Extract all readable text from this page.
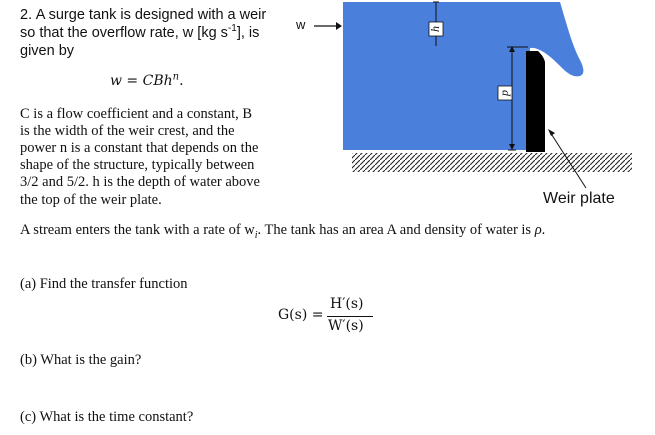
2. A surge tank is designed with a weir
so that the overflow rate, w [kg $s^{-1}$], is
given by
w = CBh$^n$.
C is a flow coefficient and a constant, B
is the width of the weir crest, and the
power n is a constant that depends on the
shape of the structure, typically between
3/2 and 5/2. h is the depth of water above
the top of the weir plate.
A stream enters the tank with a rate of $w_i$. The tank has an area A and density of water is ρ.
h
p
w
Weir plate
(a) Find the transfer function
G(s) =
H′(s)
W′(s)
(b) What is the gain?
(c) What is the time constant?
